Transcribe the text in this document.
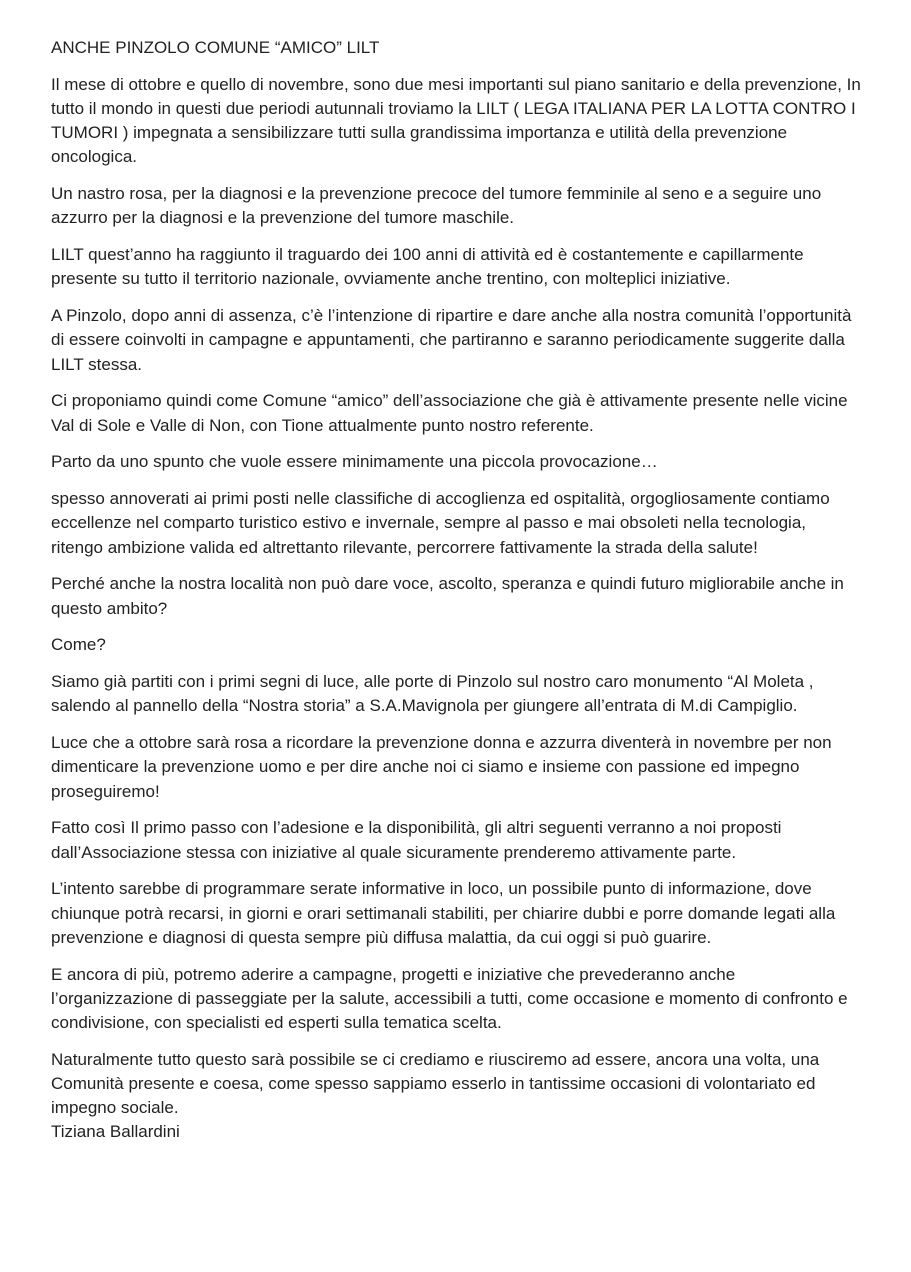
ANCHE PINZOLO COMUNE “AMICO” LILT

Il mese di ottobre e quello di novembre, sono due mesi importanti sul piano sanitario e della prevenzione, In tutto il mondo in questi due periodi autunnali troviamo la LILT ( LEGA ITALIANA PER LA LOTTA CONTRO I TUMORI ) impegnata a sensibilizzare tutti sulla grandissima importanza e utilità della prevenzione oncologica.

Un nastro rosa, per la diagnosi e la prevenzione precoce del tumore femminile al seno e a seguire uno azzurro per la diagnosi e la prevenzione del tumore maschile.

LILT quest’anno ha raggiunto il traguardo dei 100 anni di attività ed è costantemente e capillarmente presente su tutto il territorio nazionale, ovviamente anche trentino, con molteplici iniziative.

A Pinzolo, dopo anni di assenza, c’è l’intenzione di ripartire e dare anche alla nostra comunità l’opportunità di essere coinvolti in campagne e appuntamenti, che partiranno e saranno periodicamente suggerite dalla LILT stessa.

Ci proponiamo quindi come Comune “amico” dell’associazione che già è attivamente presente nelle vicine Val di Sole e Valle di Non, con Tione attualmente punto nostro referente.

Parto da uno spunto che vuole essere minimamente una piccola provocazione…

spesso annoverati ai primi posti nelle classifiche di accoglienza ed ospitalità, orgogliosamente contiamo eccellenze nel comparto turistico estivo e invernale, sempre al passo e mai obsoleti nella tecnologia, ritengo ambizione valida ed altrettanto rilevante, percorrere fattivamente la strada della salute!

Perché anche la nostra località non può dare voce, ascolto, speranza e quindi futuro migliorabile anche in questo ambito?

Come?

Siamo già partiti con i primi segni di luce, alle porte di Pinzolo sul nostro caro monumento “Al Moleta , salendo al pannello della “Nostra storia” a S.A.Mavignola per giungere all’entrata di M.di Campiglio.

Luce che a ottobre sarà rosa a ricordare la prevenzione donna e azzurra diventerà in novembre per non dimenticare la prevenzione uomo e per dire anche noi ci siamo e insieme con passione ed impegno proseguiremo!

Fatto così Il primo passo con l’adesione e la disponibilità, gli altri seguenti verranno a noi proposti dall’Associazione stessa con iniziative al quale sicuramente prenderemo attivamente parte.

L’intento sarebbe di programmare serate informative in loco, un possibile punto di informazione, dove chiunque potrà recarsi, in giorni e orari settimanali stabiliti, per chiarire dubbi e porre domande legati alla prevenzione e diagnosi di questa sempre più diffusa malattia, da cui oggi si può guarire.

E ancora di più, potremo aderire a campagne, progetti e iniziative che prevederanno anche l’organizzazione di passeggiate per la salute, accessibili a tutti, come occasione e momento di confronto e condivisione, con specialisti ed esperti sulla tematica scelta.

Naturalmente tutto questo sarà possibile se ci crediamo e riusciremo ad essere, ancora una volta, una Comunità presente e coesa, come spesso sappiamo esserlo in tantissime occasioni di volontariato ed impegno sociale.

Tiziana Ballardini
